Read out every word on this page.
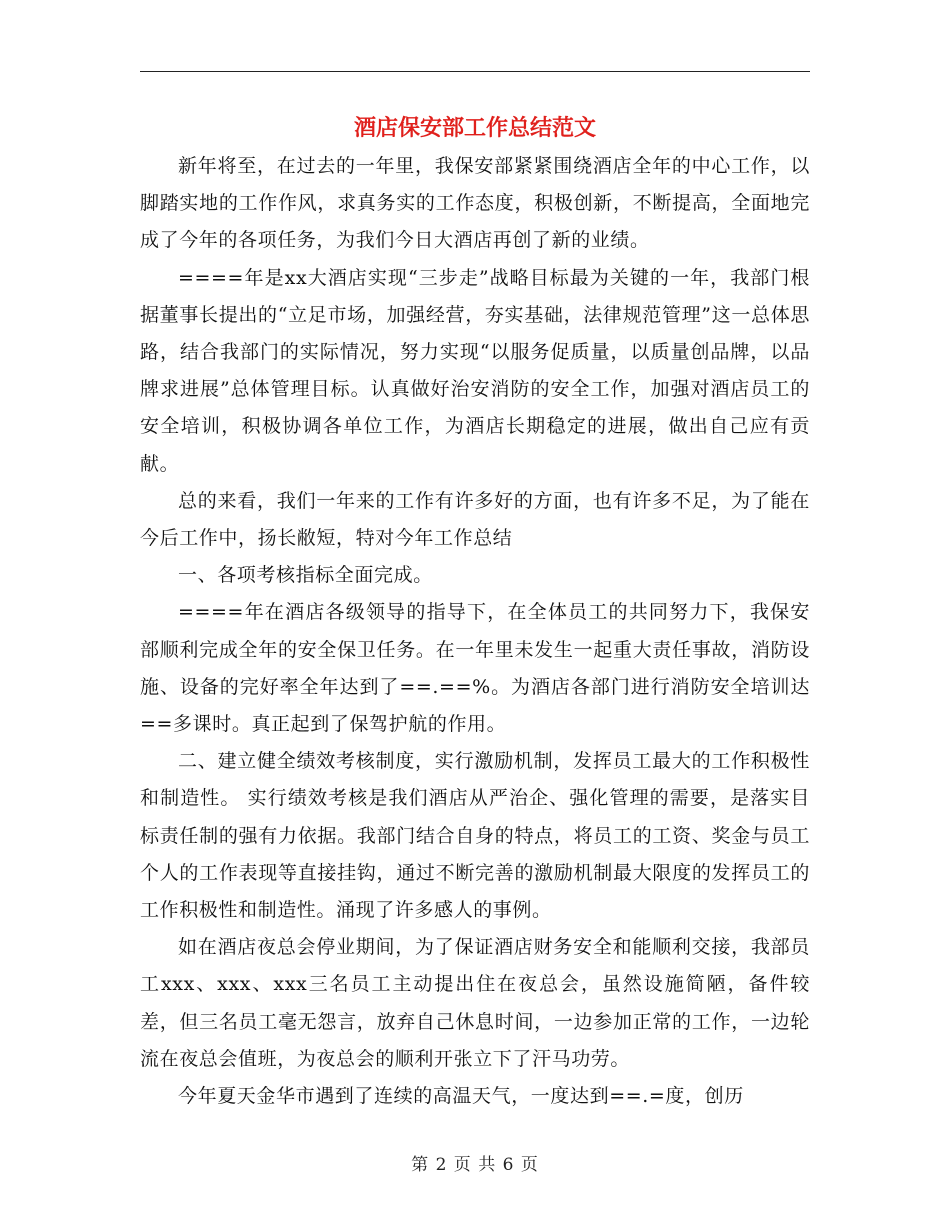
酒店保安部工作总结范文

新年将至，在过去的一年里，我保安部紧紧围绕酒店全年的中心工作，以脚踏实地的工作作风，求真务实的工作态度，积极创新，不断提高，全面地完成了今年的各项任务，为我们今日大酒店再创了新的业绩。

====年是xx大酒店实现“三步走”战略目标最为关键的一年，我部门根据董事长提出的“立足市场，加强经营，夯实基础，法律规范管理”这一总体思路，结合我部门的实际情况，努力实现“以服务促质量，以质量创品牌，以品牌求进展”总体管理目标。认真做好治安消防的安全工作，加强对酒店员工的安全培训，积极协调各单位工作，为酒店长期稳定的进展，做出自己应有贡献。

总的来看，我们一年来的工作有许多好的方面，也有许多不足，为了能在今后工作中，扬长敝短，特对今年工作总结

一、各项考核指标全面完成。

====年在酒店各级领导的指导下，在全体员工的共同努力下，我保安部顺利完成全年的安全保卫任务。在一年里未发生一起重大责任事故，消防设施、设备的完好率全年达到了==.==%。为酒店各部门进行消防安全培训达==多课时。真正起到了保驾护航的作用。

二、建立健全绩效考核制度，实行激励机制，发挥员工最大的工作积极性和制造性。 实行绩效考核是我们酒店从严治企、强化管理的需要，是落实目标责任制的强有力依据。我部门结合自身的特点，将员工的工资、奖金与员工个人的工作表现等直接挂钩，通过不断完善的激励机制最大限度的发挥员工的工作积极性和制造性。涌现了许多感人的事例。

如在酒店夜总会停业期间，为了保证酒店财务安全和能顺利交接，我部员工xxx、xxx、xxx三名员工主动提出住在夜总会，虽然设施简陋，备件较差，但三名员工毫无怨言，放弃自己休息时间，一边参加正常的工作，一边轮流在夜总会值班，为夜总会的顺利开张立下了汗马功劳。

今年夏天金华市遇到了连续的高温天气，一度达到==.=度，创历

第 2 页 共 6 页
